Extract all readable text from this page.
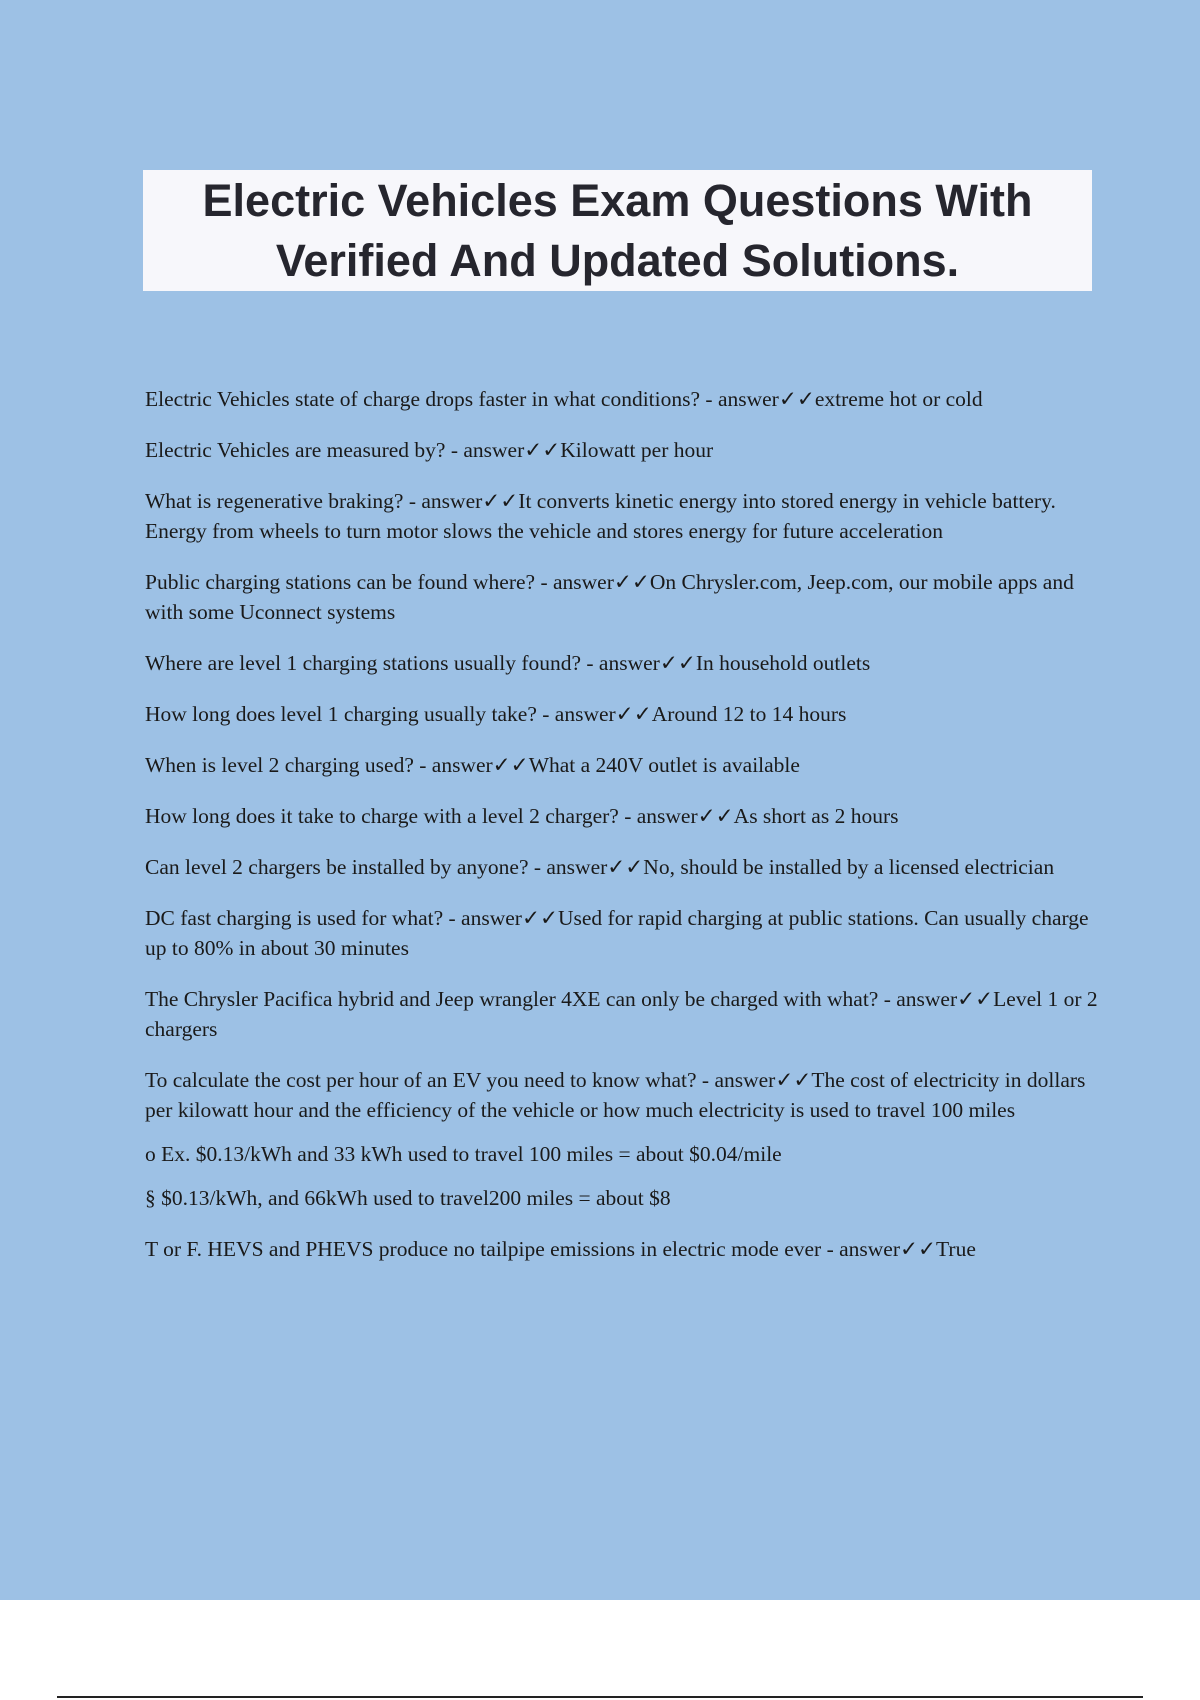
Electric Vehicles Exam Questions With
Verified And Updated Solutions.
Electric Vehicles state of charge drops faster in what conditions? - answer✓✓extreme hot or cold
Electric Vehicles are measured by? - answer✓✓Kilowatt per hour
What is regenerative braking? - answer✓✓It converts kinetic energy into stored energy in vehicle battery. Energy from wheels to turn motor slows the vehicle and stores energy for future acceleration
Public charging stations can be found where? - answer✓✓On Chrysler.com, Jeep.com, our mobile apps and with some Uconnect systems
Where are level 1 charging stations usually found? - answer✓✓In household outlets
How long does level 1 charging usually take? - answer✓✓Around 12 to 14 hours
When is level 2 charging used? - answer✓✓What a 240V outlet is available
How long does it take to charge with a level 2 charger? - answer✓✓As short as 2 hours
Can level 2 chargers be installed by anyone? - answer✓✓No, should be installed by a licensed electrician
DC fast charging is used for what? - answer✓✓Used for rapid charging at public stations. Can usually charge up to 80% in about 30 minutes
The Chrysler Pacifica hybrid and Jeep wrangler 4XE can only be charged with what? - answer✓✓Level 1 or 2 chargers
To calculate the cost per hour of an EV you need to know what? - answer✓✓The cost of electricity in dollars per kilowatt hour and the efficiency of the vehicle or how much electricity is used to travel 100 miles
o Ex. $0.13/kWh and 33 kWh used to travel 100 miles = about $0.04/mile
§ $0.13/kWh, and 66kWh used to travel200 miles = about $8
T or F. HEVS and PHEVS produce no tailpipe emissions in electric mode ever - answer✓✓True
